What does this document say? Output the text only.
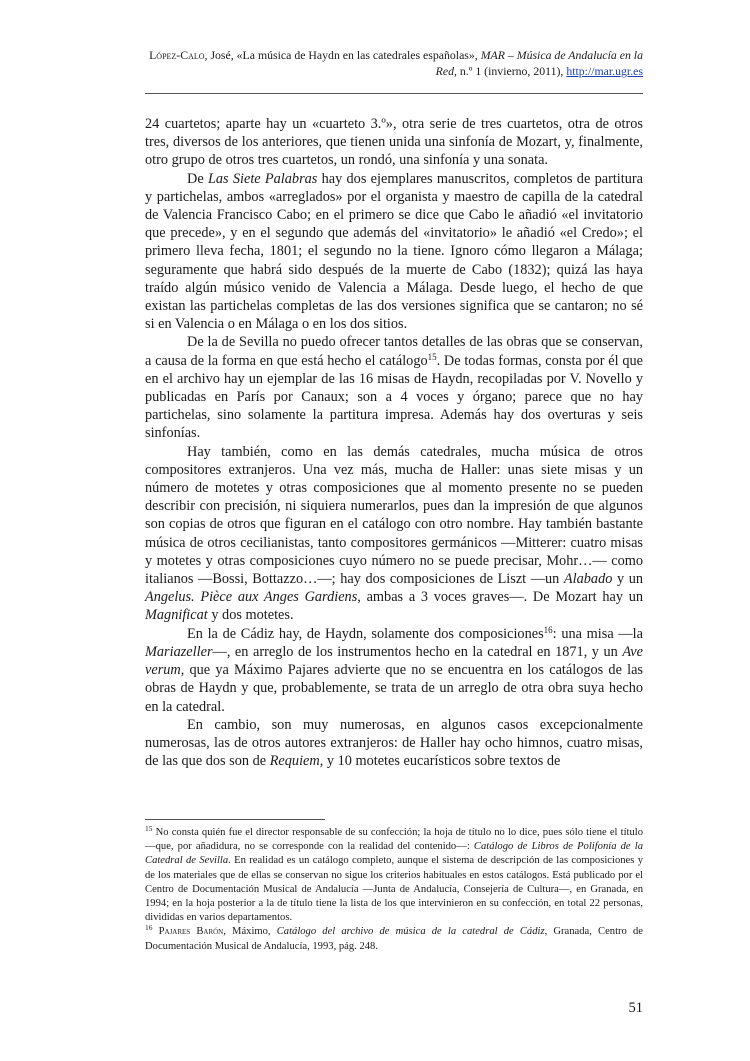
López-Calo, José, «La música de Haydn en las catedrales españolas», MAR – Música de Andalucía en la Red, n.º 1 (invierno, 2011), http://mar.ugr.es

24 cuartetos; aparte hay un «cuarteto 3.º», otra serie de tres cuartetos, otra de otros tres, diversos de los anteriores, que tienen unida una sinfonía de Mozart, y, finalmente, otro grupo de otros tres cuartetos, un rondó, una sinfonía y una sonata.

De Las Siete Palabras hay dos ejemplares manuscritos, completos de partitura y partichelas, ambos «arreglados» por el organista y maestro de capilla de la catedral de Valencia Francisco Cabo; en el primero se dice que Cabo le añadió «el invitatorio que precede», y en el segundo que además del «invitatorio» le añadió «el Credo»; el primero lleva fecha, 1801; el segundo no la tiene. Ignoro cómo llegaron a Málaga; seguramente que habrá sido después de la muerte de Cabo (1832); quizá las haya traído algún músico venido de Valencia a Málaga. Desde luego, el hecho de que existan las partichelas completas de las dos versiones significa que se cantaron; no sé si en Valencia o en Málaga o en los dos sitios.

De la de Sevilla no puedo ofrecer tantos detalles de las obras que se conservan, a causa de la forma en que está hecho el catálogo$^{15}$. De todas formas, consta por él que en el archivo hay un ejemplar de las 16 misas de Haydn, recopiladas por V. Novello y publicadas en París por Canaux; son a 4 voces y órgano; parece que no hay partichelas, sino solamente la partitura impresa. Además hay dos overturas y seis sinfonías.

Hay también, como en las demás catedrales, mucha música de otros compositores extranjeros. Una vez más, mucha de Haller: unas siete misas y un número de motetes y otras composiciones que al momento presente no se pueden describir con precisión, ni siquiera numerarlos, pues dan la impresión de que algunos son copias de otros que figuran en el catálogo con otro nombre. Hay también bastante música de otros cecilianistas, tanto compositores germánicos —Mitterer: cuatro misas y motetes y otras composiciones cuyo número no se puede precisar, Mohr…— como italianos —Bossi, Bottazzo…—; hay dos composiciones de Liszt —un Alabado y un Angelus. Pièce aux Anges Gardiens, ambas a 3 voces graves—. De Mozart hay un Magnificat y dos motetes.

En la de Cádiz hay, de Haydn, solamente dos composiciones$^{16}$: una misa —la Mariazeller—, en arreglo de los instrumentos hecho en la catedral en 1871, y un Ave verum, que ya Máximo Pajares advierte que no se encuentra en los catálogos de las obras de Haydn y que, probablemente, se trata de un arreglo de otra obra suya hecho en la catedral.

En cambio, son muy numerosas, en algunos casos excepcionalmente numerosas, las de otros autores extranjeros: de Haller hay ocho himnos, cuatro misas, de las que dos son de Requiem, y 10 motetes eucarísticos sobre textos de

$^{15}$ No consta quién fue el director responsable de su confección; la hoja de título no lo dice, pues sólo tiene el título —que, por añadidura, no se corresponde con la realidad del contenido—: Catálogo de Libros de Polifonía de la Catedral de Sevilla. En realidad es un catálogo completo, aunque el sistema de descripción de las composiciones y de los materiales que de ellas se conservan no sigue los criterios habituales en estos catálogos. Está publicado por el Centro de Documentación Musical de Andalucía —Junta de Andalucía, Consejería de Cultura—, en Granada, en 1994; en la hoja posterior a la de título tiene la lista de los que intervinieron en su confección, en total 22 personas, divididas en varios departamentos.

$^{16}$ Pajares Barón, Máximo, Catálogo del archivo de música de la catedral de Cádiz, Granada, Centro de Documentación Musical de Andalucía, 1993, pág. 248.

51
